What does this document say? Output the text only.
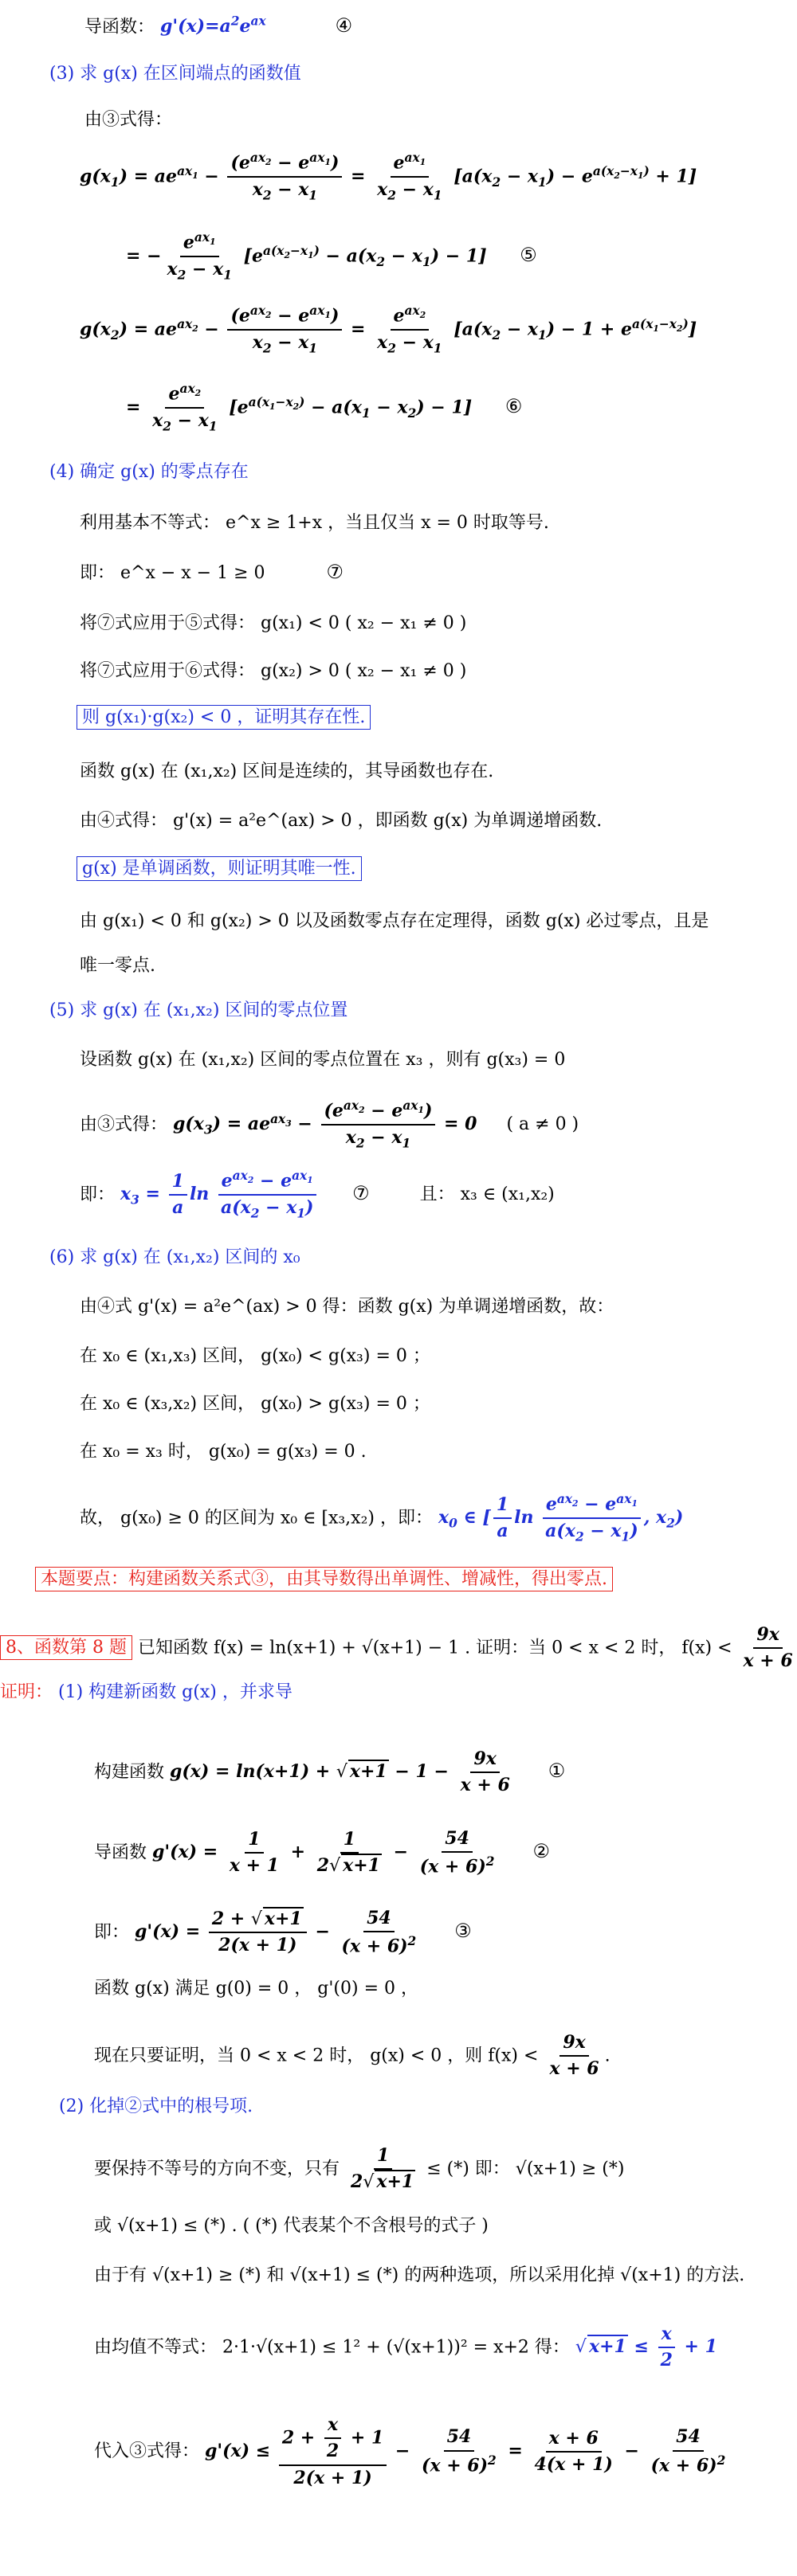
导函数： $g'(x)=a^2e^{ax}$	④
(3) 求 g(x) 在区间端点的函数值
由③式得：
$g(x_1) = ae^{ax_1} - \frac{(e^{ax_2} - e^{ax_1})}{x_2 - x_1} = \frac{e^{ax_1}}{x_2 - x_1} [a(x_2 - x_1) - e^{a(x_2-x_1)} + 1]$
= − $\frac{e^{ax_1}}{x_2 - x_1} [e^{a(x_2-x_1)} - a(x_2 - x_1) - 1]$ ⑤
$g(x_2) = ae^{ax_2} - \frac{(e^{ax_2} - e^{ax_1})}{x_2 - x_1} = \frac{e^{ax_2}}{x_2 - x_1} [a(x_2 - x_1) - 1 + e^{a(x_1-x_2)}]$
= $\frac{e^{ax_2}}{x_2 - x_1} [e^{a(x_1-x_2)} - a(x_1 - x_2) - 1]$ ⑥
(4) 确定 g(x) 的零点存在
利用基本不等式： e^x ≥ 1+x ，当且仅当 x = 0 时取等号.
即： e^x − x − 1 ≥ 0	⑦
将⑦式应用于⑤式得： g(x₁) < 0 ( x₂ − x₁ ≠ 0 )
将⑦式应用于⑥式得： g(x₂) > 0 ( x₂ − x₁ ≠ 0 )
则 g(x₁)·g(x₂) < 0 ，证明其存在性.
函数 g(x) 在 (x₁,x₂) 区间是连续的，其导函数也存在.
由④式得： g'(x) = a²e^(ax) > 0 ，即函数 g(x) 为单调递增函数.
g(x) 是单调函数，则证明其唯一性.
由 g(x₁) < 0 和 g(x₂) > 0 以及函数零点存在定理得，函数 g(x) 必过零点，且是
唯一零点.
(5) 求 g(x) 在 (x₁,x₂) 区间的零点位置
设函数 g(x) 在 (x₁,x₂) 区间的零点位置在 x₃ ，则有 g(x₃) = 0
由③式得： $g(x_3) = ae^{ax_3} - \frac{(e^{ax_2} - e^{ax_1})}{x_2 - x_1} = 0$ ( a ≠ 0 )
即： $x_3 = \frac{1}{a}$ $\ln \frac{e^{ax_2} - e^{ax_1}}{a(x_2 - x_1)}$ ⑦	且： x₃ ∈ (x₁,x₂)
(6) 求 g(x) 在 (x₁,x₂) 区间的 x₀
由④式 g'(x) = a²e^(ax) > 0 得：函数 g(x) 为单调递增函数，故：
在 x₀ ∈ (x₁,x₃) 区间， g(x₀) < g(x₃) = 0 ；
在 x₀ ∈ (x₃,x₂) 区间， g(x₀) > g(x₃) = 0 ；
在 x₀ = x₃ 时， g(x₀) = g(x₃) = 0 .
故， g(x₀) ≥ 0 的区间为 x₀ ∈ [x₃,x₂) ，即： $x_0$ ∈ [ $\frac{1}{a}$ $\ln \frac{e^{ax_2} - e^{ax_1}}{a(x_2 - x_1)}$ , $x_2$)
本题要点：构建函数关系式③，由其导数得出单调性、增减性，得出零点.
8、函数第 8 题 已知函数 f(x) = ln(x+1) + √(x+1) − 1 . 证明：当 0 < x < 2 时， $f(x) < \frac{9x}{x + 6}$
证明： (1) 构建新函数 g(x) ，并求导
构建函数 g(x) = ln(x+1) + √ $x+1 - 1 - \frac{9x}{x + 6}$ ①
导函数 $g'(x) = \frac{1}{x + 1} + \frac{1}{2√ x+1} - \frac{54}{(x + 6)^2}$ ②
即： $g'(x) = \frac{2 + √ x+1}{2(x + 1)} - \frac{54}{(x + 6)^2}$ ③
函数 g(x) 满足 g(0) = 0 ， g'(0) = 0 ，
现在只要证明，当 0 < x < 2 时， g(x) < 0 ，则 $f(x) < \frac{9x}{x + 6}$ .
(2) 化掉②式中的根号项.
要保持不等号的方向不变，只有 $\frac{1}{2√ x+1}$ ≤ (*) 即： √(x+1) ≥ (*)
或 √(x+1) ≤ (*) . ( (*) 代表某个不含根号的式子 )
由于有 √(x+1) ≥ (*) 和 √(x+1) ≤ (*) 的两种选项，所以采用化掉 √(x+1) 的方法.
由均值不等式： 2·1·√(x+1) ≤ 1² + (√(x+1))² = x+2 得： √ $x+1 \le \frac{x}{2} + 1$
代入③式得： $g'(x) \le \frac{2 + \frac{x}{2} + 1}{2(x + 1)} - \frac{54}{(x + 6)^2} = \frac{x + 6}{4(x + 1)} - \frac{54}{(x + 6)^2}$
